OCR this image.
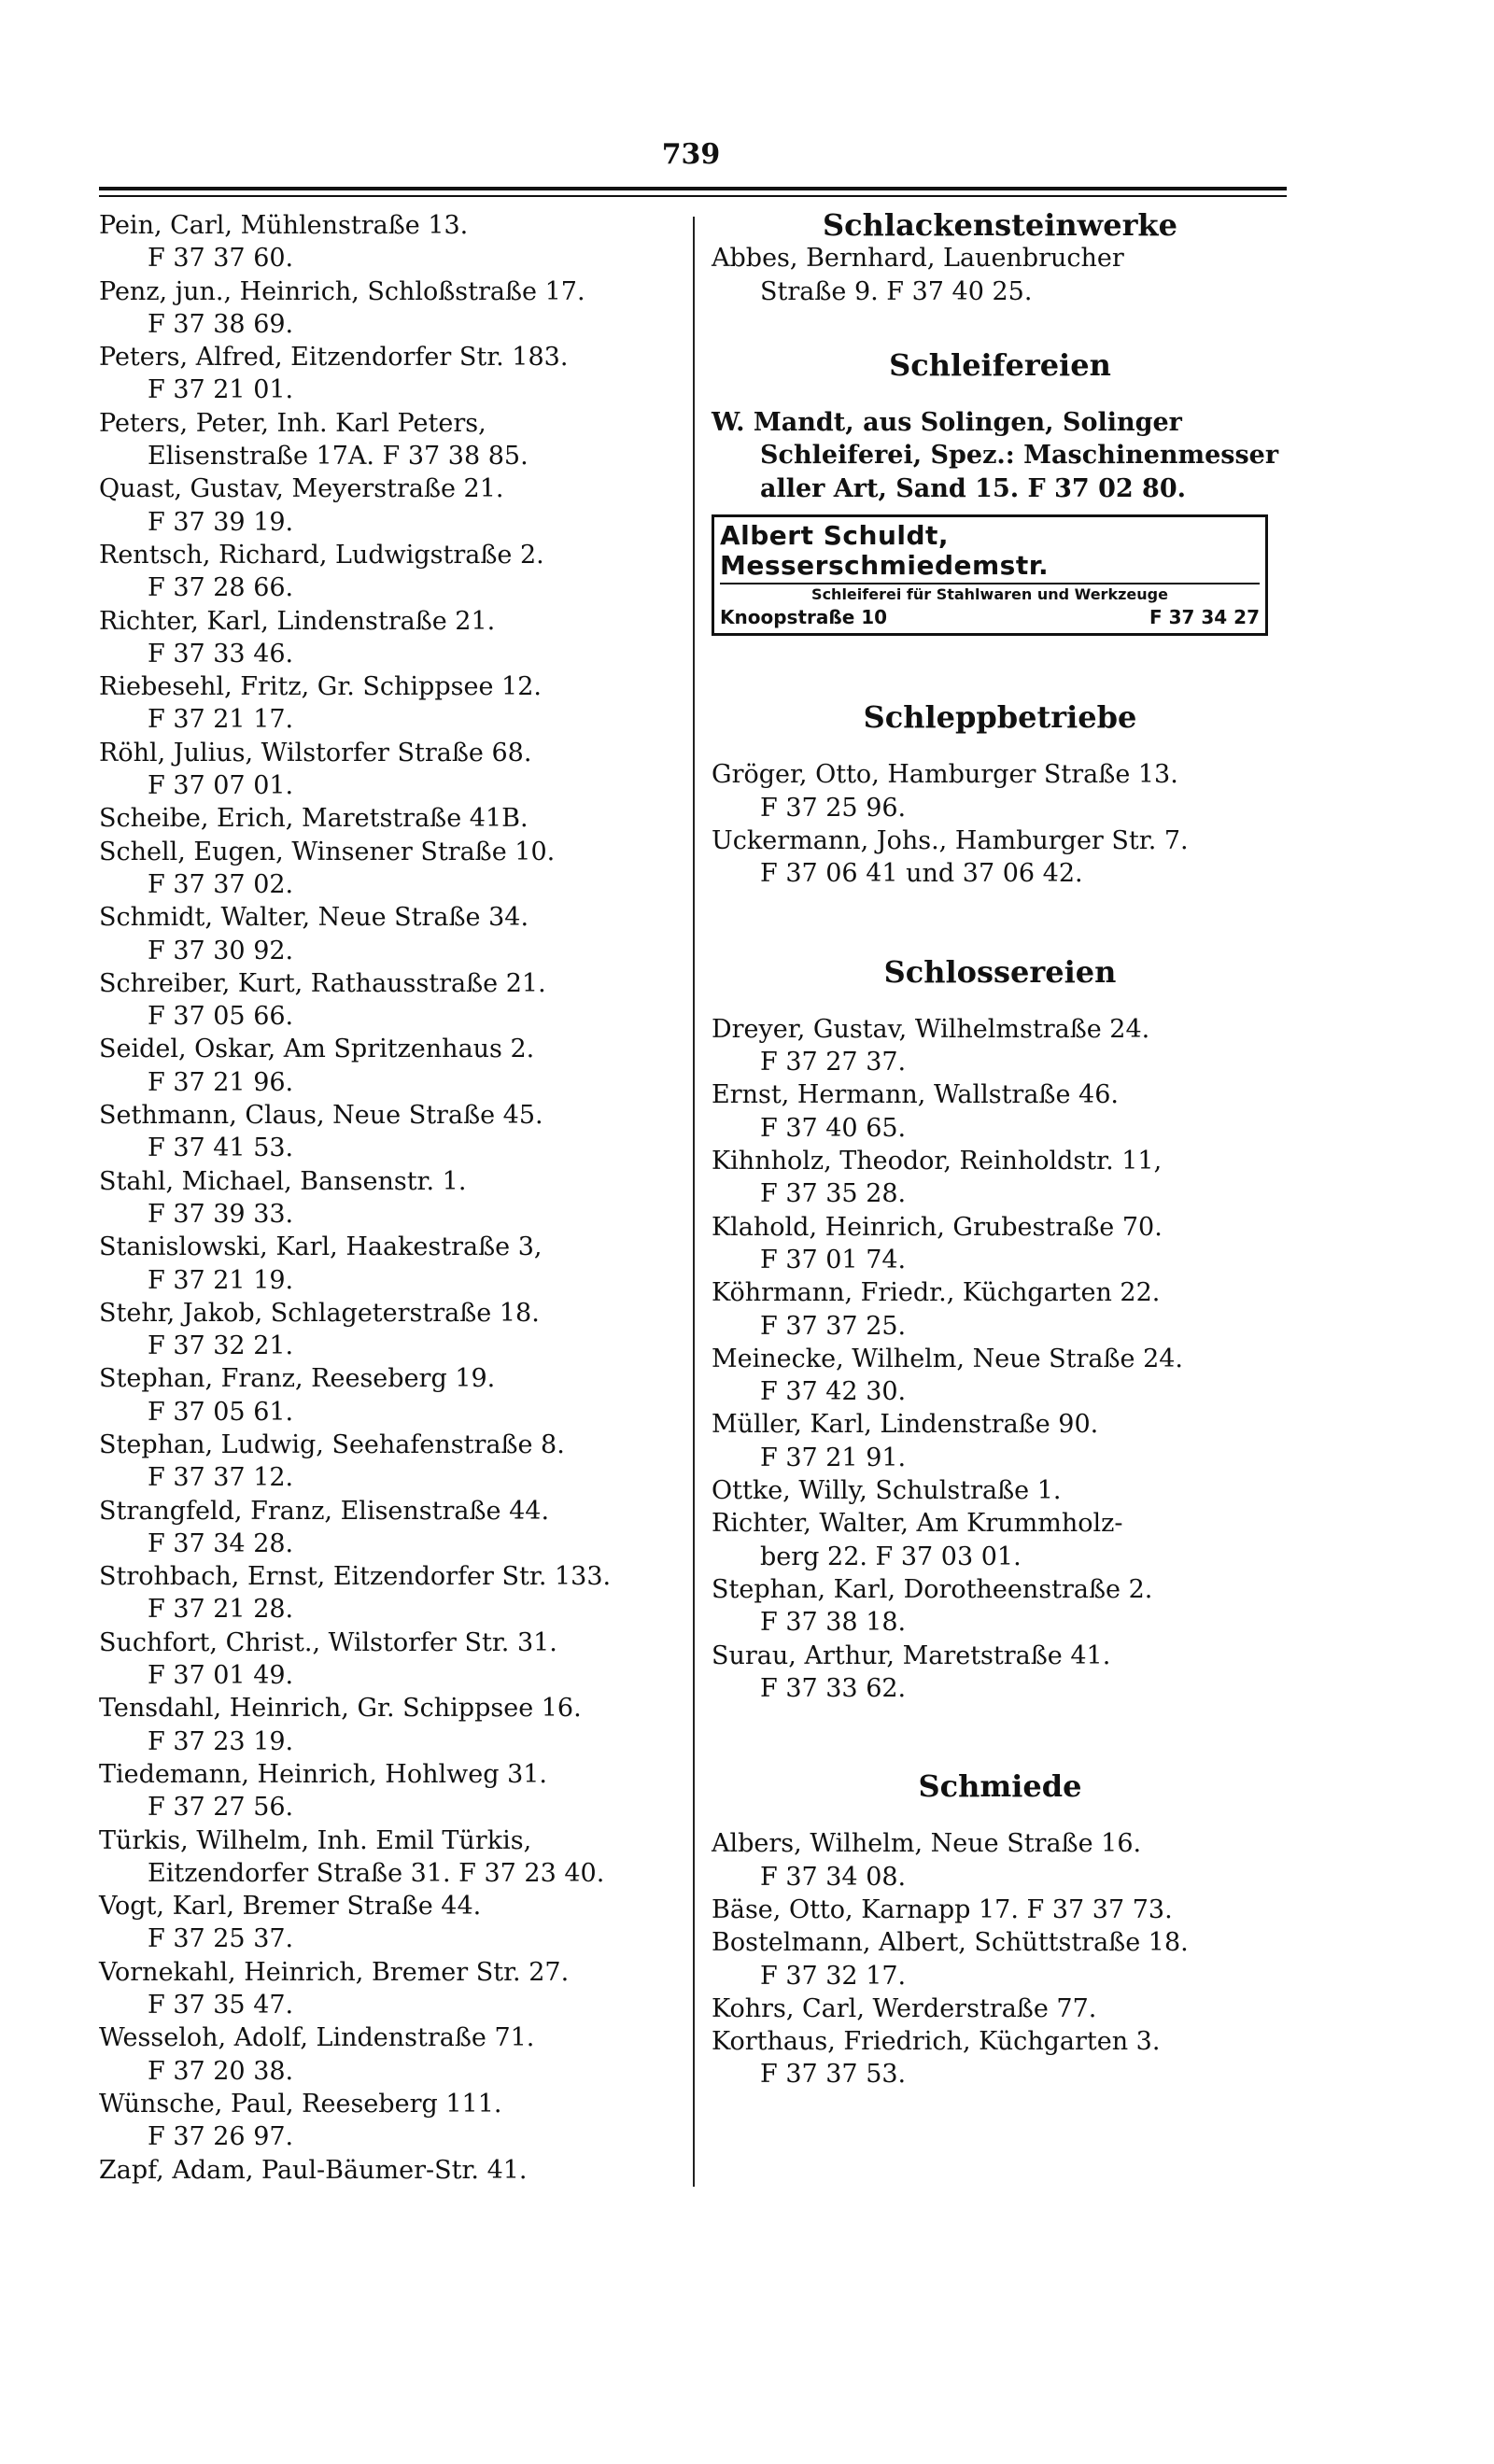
739
Pein, Carl, Mühlenstraße 13.
F 37 37 60.
Penz, jun., Heinrich, Schloßstraße 17.
F 37 38 69.
Peters, Alfred, Eitzendorfer Str. 183.
F 37 21 01.
Peters, Peter, Inh. Karl Peters,
Elisenstraße 17A. F 37 38 85.
Quast, Gustav, Meyerstraße 21.
F 37 39 19.
Rentsch, Richard, Ludwigstraße 2.
F 37 28 66.
Richter, Karl, Lindenstraße 21.
F 37 33 46.
Riebesehl, Fritz, Gr. Schippsee 12.
F 37 21 17.
Röhl, Julius, Wilstorfer Straße 68.
F 37 07 01.
Scheibe, Erich, Maretstraße 41B.
Schell, Eugen, Winsener Straße 10.
F 37 37 02.
Schmidt, Walter, Neue Straße 34.
F 37 30 92.
Schreiber, Kurt, Rathausstraße 21.
F 37 05 66.
Seidel, Oskar, Am Spritzenhaus 2.
F 37 21 96.
Sethmann, Claus, Neue Straße 45.
F 37 41 53.
Stahl, Michael, Bansenstr. 1.
F 37 39 33.
Stanislowski, Karl, Haakestraße 3,
F 37 21 19.
Stehr, Jakob, Schlageterstraße 18.
F 37 32 21.
Stephan, Franz, Reeseberg 19.
F 37 05 61.
Stephan, Ludwig, Seehafenstraße 8.
F 37 37 12.
Strangfeld, Franz, Elisenstraße 44.
F 37 34 28.
Strohbach, Ernst, Eitzendorfer Str. 133.
F 37 21 28.
Suchfort, Christ., Wilstorfer Str. 31.
F 37 01 49.
Tensdahl, Heinrich, Gr. Schippsee 16.
F 37 23 19.
Tiedemann, Heinrich, Hohlweg 31.
F 37 27 56.
Türkis, Wilhelm, Inh. Emil Türkis,
Eitzendorfer Straße 31. F 37 23 40.
Vogt, Karl, Bremer Straße 44.
F 37 25 37.
Vornekahl, Heinrich, Bremer Str. 27.
F 37 35 47.
Wesseloh, Adolf, Lindenstraße 71.
F 37 20 38.
Wünsche, Paul, Reeseberg 111.
F 37 26 97.
Zapf, Adam, Paul-Bäumer-Str. 41.
Schlackensteinwerke
Abbes, Bernhard, Lauenbrucher
Straße 9. F 37 40 25.
Schleifereien
W. Mandt, aus Solingen, Solinger
Schleiferei, Spez.: Maschinenmesser
aller Art, Sand 15. F 37 02 80.
Albert Schuldt, Messerschmiedemstr.
Schleiferei für Stahlwaren und Werkzeuge
Knoopstraße 10	F 37 34 27
Schleppbetriebe
Gröger, Otto, Hamburger Straße 13.
F 37 25 96.
Uckermann, Johs., Hamburger Str. 7.
F 37 06 41 und 37 06 42.
Schlossereien
Dreyer, Gustav, Wilhelmstraße 24.
F 37 27 37.
Ernst, Hermann, Wallstraße 46.
F 37 40 65.
Kihnholz, Theodor, Reinholdstr. 11,
F 37 35 28.
Klahold, Heinrich, Grubestraße 70.
F 37 01 74.
Köhrmann, Friedr., Küchgarten 22.
F 37 37 25.
Meinecke, Wilhelm, Neue Straße 24.
F 37 42 30.
Müller, Karl, Lindenstraße 90.
F 37 21 91.
Ottke, Willy, Schulstraße 1.
Richter, Walter, Am Krummholz-
berg 22. F 37 03 01.
Stephan, Karl, Dorotheenstraße 2.
F 37 38 18.
Surau, Arthur, Maretstraße 41.
F 37 33 62.
Schmiede
Albers, Wilhelm, Neue Straße 16.
F 37 34 08.
Bäse, Otto, Karnapp 17. F 37 37 73.
Bostelmann, Albert, Schüttstraße 18.
F 37 32 17.
Kohrs, Carl, Werderstraße 77.
Korthaus, Friedrich, Küchgarten 3.
F 37 37 53.
